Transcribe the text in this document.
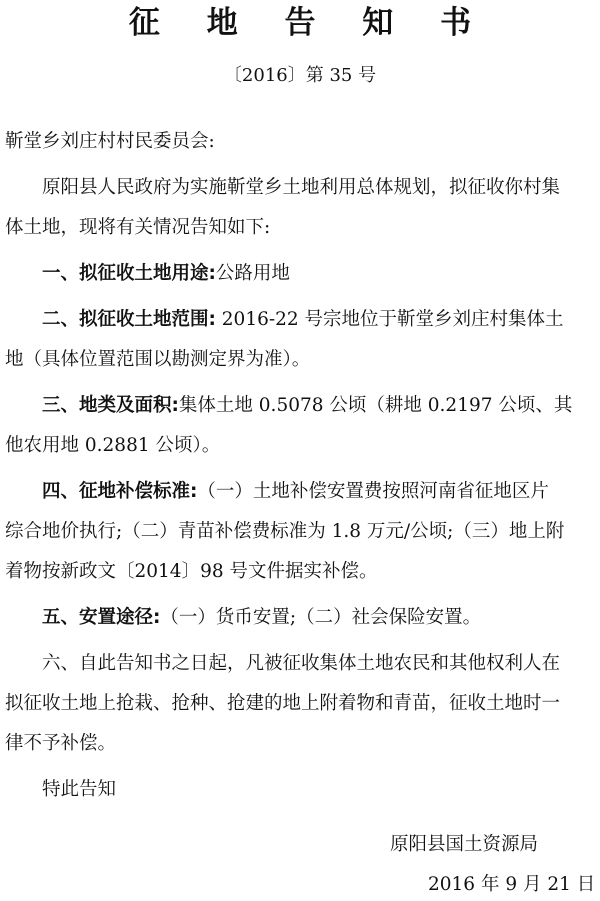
征 地 告 知 书
〔2016〕第 35 号
靳堂乡刘庄村村民委员会:
原阳县人民政府为实施靳堂乡土地利用总体规划，拟征收你村集
体土地，现将有关情况告知如下:
一、拟征收土地用途:公路用地
二、拟征收土地范围: 2016-22 号宗地位于靳堂乡刘庄村集体土
地（具体位置范围以勘测定界为准）。
三、地类及面积:集体土地 0.5078 公顷（耕地 0.2197 公顷、其
他农用地 0.2881 公顷）。
四、征地补偿标准:（一）土地补偿安置费按照河南省征地区片
综合地价执行;（二）青苗补偿费标准为 1.8 万元/公顷;（三）地上附
着物按新政文〔2014〕98 号文件据实补偿。
五、安置途径:（一）货币安置;（二）社会保险安置。
六、自此告知书之日起，凡被征收集体土地农民和其他权利人在
拟征收土地上抢栽、抢种、抢建的地上附着物和青苗，征收土地时一
律不予补偿。
特此告知
原阳县国土资源局
2016 年 9 月 21 日
